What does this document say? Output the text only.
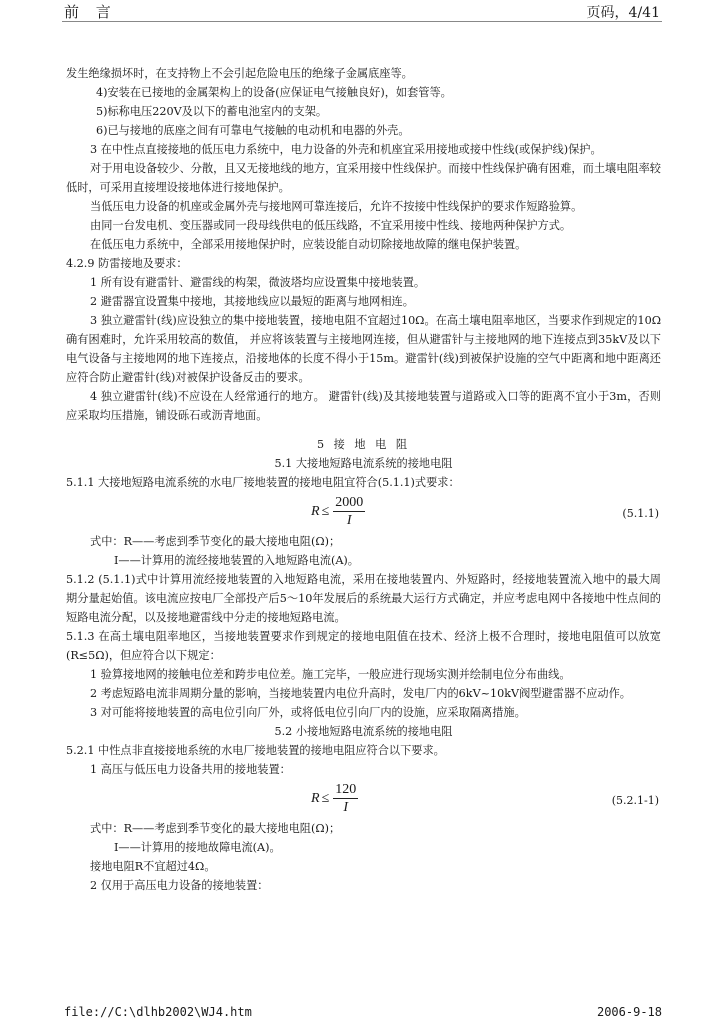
前 言	页码，4/41

发生绝缘损坏时，在支持物上不会引起危险电压的绝缘子金属底座等。

4)安装在已接地的金属架构上的设备(应保证电气接触良好)，如套管等。

5)标称电压220V及以下的蓄电池室内的支架。

6)已与接地的底座之间有可靠电气接触的电动机和电器的外壳。

3 在中性点直接接地的低压电力系统中，电力设备的外壳和机座宜采用接地或接中性线(或保护线)保护。

对于用电设备较少、分散，且又无接地线的地方，宜采用接中性线保护。而接中性线保护确有困难，而土壤电阻率较低时，可采用直接埋设接地体进行接地保护。

当低压电力设备的机座或金属外壳与接地网可靠连接后，允许不按接中性线保护的要求作短路验算。

由同一台发电机、变压器或同一段母线供电的低压线路，不宜采用接中性线、接地两种保护方式。

在低压电力系统中，全部采用接地保护时，应装设能自动切除接地故障的继电保护装置。

4.2.9 防雷接地及要求：

1 所有设有避雷针、避雷线的构架，微波塔均应设置集中接地装置。

2 避雷器宜设置集中接地，其接地线应以最短的距离与地网相连。

3 独立避雷针(线)应设独立的集中接地装置，接地电阻不宜超过10Ω。在高土壤电阻率地区，当要求作到规定的10Ω确有困难时，允许采用较高的数值， 并应将该装置与主接地网连接，但从避雷针与主接地网的地下连接点到35kV及以下电气设备与主接地网的地下连接点，沿接地体的长度不得小于15m。避雷针(线)到被保护设施的空气中距离和地中距离还应符合防止避雷针(线)对被保护设备反击的要求。

4 独立避雷针(线)不应设在人经常通行的地方。 避雷针(线)及其接地装置与道路或入口等的距离不宜小于3m，否则应采取均压措施，铺设砾石或沥青地面。

5 接 地 电 阻

5.1 大接地短路电流系统的接地电阻

5.1.1 大接地短路电流系统的水电厂接地装置的接地电阻宜符合(5.1.1)式要求：

$R \le \frac{2000}{I}$	(5.1.1)

式中：R——考虑到季节变化的最大接地电阻(Ω)；

I——计算用的流经接地装置的入地短路电流(A)。

5.1.2 (5.1.1)式中计算用流经接地装置的入地短路电流，采用在接地装置内、外短路时，经接地装置流入地中的最大周期分量起始值。该电流应按电厂全部投产后5～10年发展后的系统最大运行方式确定，并应考虑电网中各接地中性点间的短路电流分配，以及接地避雷线中分走的接地短路电流。

5.1.3 在高土壤电阻率地区，当接地装置要求作到规定的接地电阻值在技术、经济上极不合理时，接地电阻值可以放宽(R≤5Ω)，但应符合以下规定：

1 验算接地网的接触电位差和跨步电位差。施工完毕，一般应进行现场实测并绘制电位分布曲线。

2 考虑短路电流非周期分量的影响，当接地装置内电位升高时，发电厂内的6kV~10kV阀型避雷器不应动作。

3 对可能将接地装置的高电位引向厂外，或将低电位引向厂内的设施，应采取隔离措施。

5.2 小接地短路电流系统的接地电阻

5.2.1 中性点非直接接地系统的水电厂接地装置的接地电阻应符合以下要求。

1 高压与低压电力设备共用的接地装置：

$R \le \frac{120}{I}$	(5.2.1-1)

式中：R——考虑到季节变化的最大接地电阻(Ω)；

I——计算用的接地故障电流(A)。

接地电阻R不宜超过4Ω。

2 仅用于高压电力设备的接地装置：

file://C:\dlhb2002\WJ4.htm	2006-9-18
